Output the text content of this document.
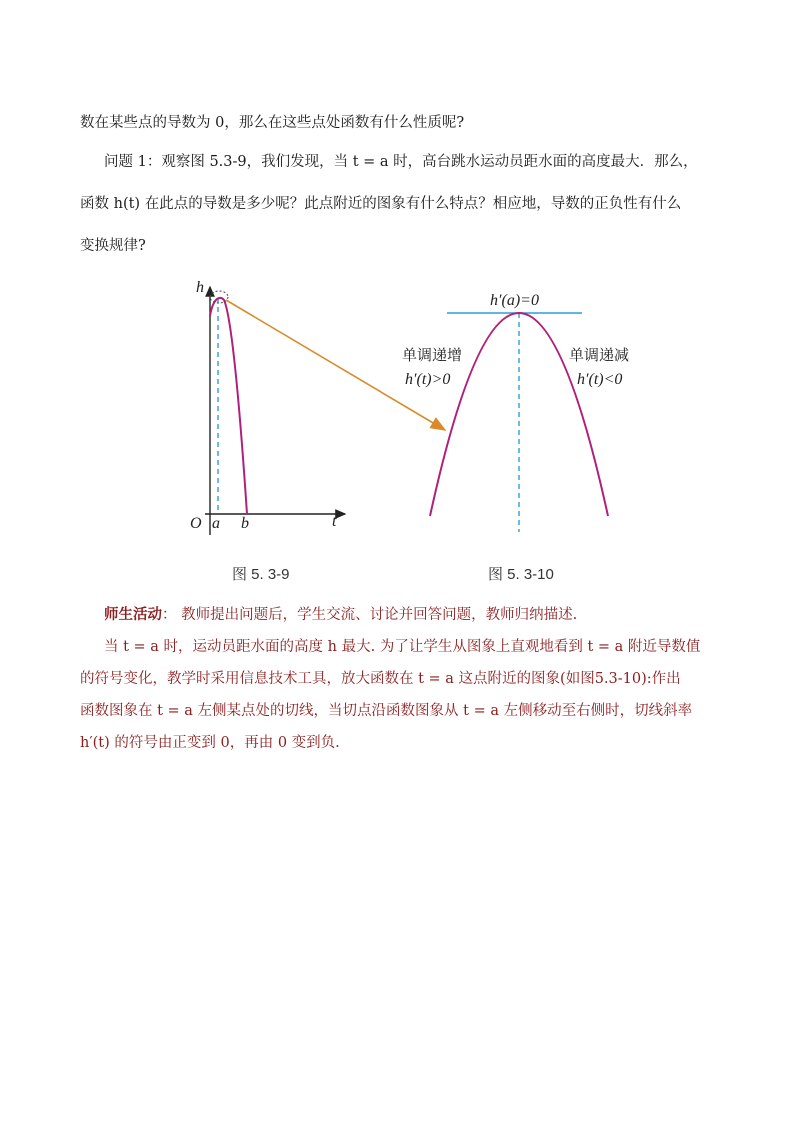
数在某些点的导数为 0，那么在这些点处函数有什么性质呢?
问题 1：观察图 5.3-9，我们发现，当 t = a 时，高台跳水运动员距水面的高度最大．那么，
函数 h(t) 在此点的导数是多少呢？此点附近的图象有什么特点？相应地，导数的正负性有什么
变换规律?
h
t
O a b
h′(a)=0
单调递增
h′(t)>0
单调递减
h′(t)<0
图 5. 3-9	图 5. 3-10
师生活动： 教师提出问题后，学生交流、讨论并回答问题，教师归纳描述.
当 t = a 时，运动员距水面的高度 h 最大. 为了让学生从图象上直观地看到 t = a 附近导数值
的符号变化，教学时采用信息技术工具，放大函数在 t = a 这点附近的图象(如图5.3-10):作出
函数图象在 t = a 左侧某点处的切线，当切点沿函数图象从 t = a 左侧移动至右侧时，切线斜率
h′(t) 的符号由正变到 0，再由 0 变到负.
